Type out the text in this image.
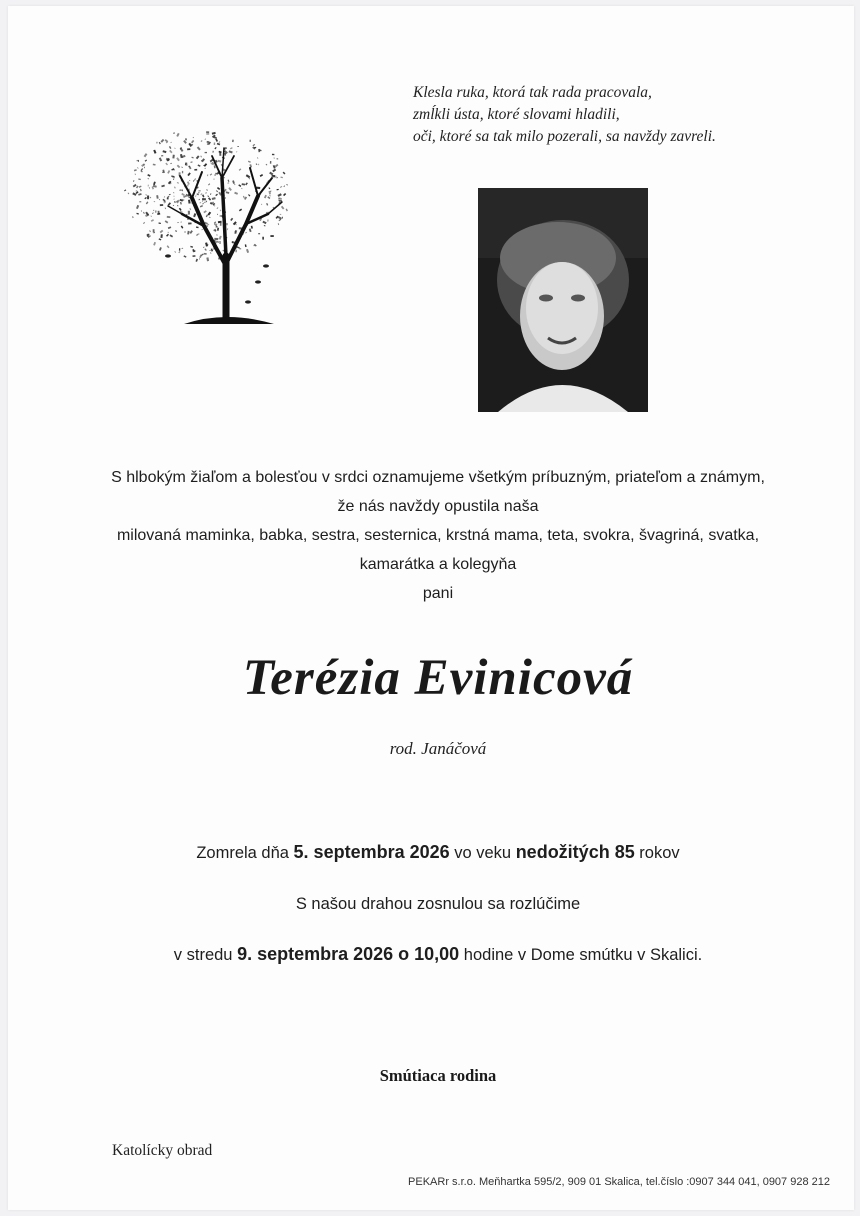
Klesla ruka, ktorá tak rada pracovala,
zmĺkli ústa, ktoré slovami hladili,
oči, ktoré sa tak milo pozerali, sa navždy zavreli.
S hlbokým žiaľom a bolesťou v srdci oznamujeme všetkým príbuzným, priateľom a známym,
že nás navždy opustila naša
milovaná maminka, babka, sestra, sesternica, krstná mama, teta, svokra, švagriná, svatka,
kamarátka a kolegyňa
pani
Terézia Evinicová
rod. Janáčová
Zomrela dňa 5. septembra 2026 vo veku nedožitých 85 rokov
S našou drahou zosnulou sa rozlúčime
v stredu 9. septembra 2026 o 10,00 hodine v Dome smútku v Skalici.
Smútiaca rodina
Katolícky obrad
PEKARr s.r.o. Meňhartka 595/2, 909 01 Skalica, tel.číslo :0907 344 041, 0907 928 212
